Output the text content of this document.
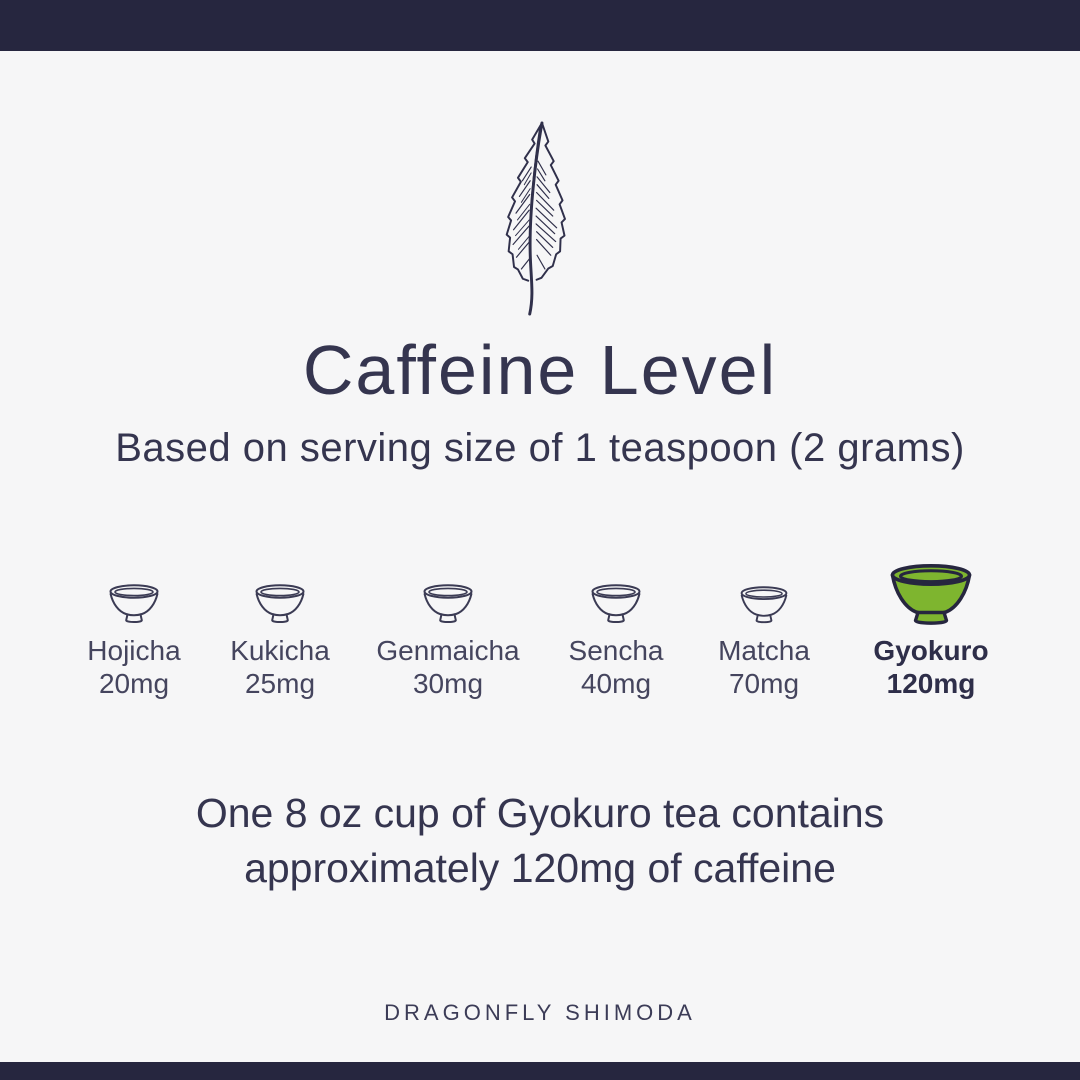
Caffeine Level
Based on serving size of 1 teaspoon (2 grams)
Hojicha
20mg
Kukicha
25mg
Genmaicha
30mg
Sencha
40mg
Matcha
70mg
Gyokuro
120mg
One 8 oz cup of Gyokuro tea contains
approximately 120mg of caffeine
DRAGONFLY SHIMODA
